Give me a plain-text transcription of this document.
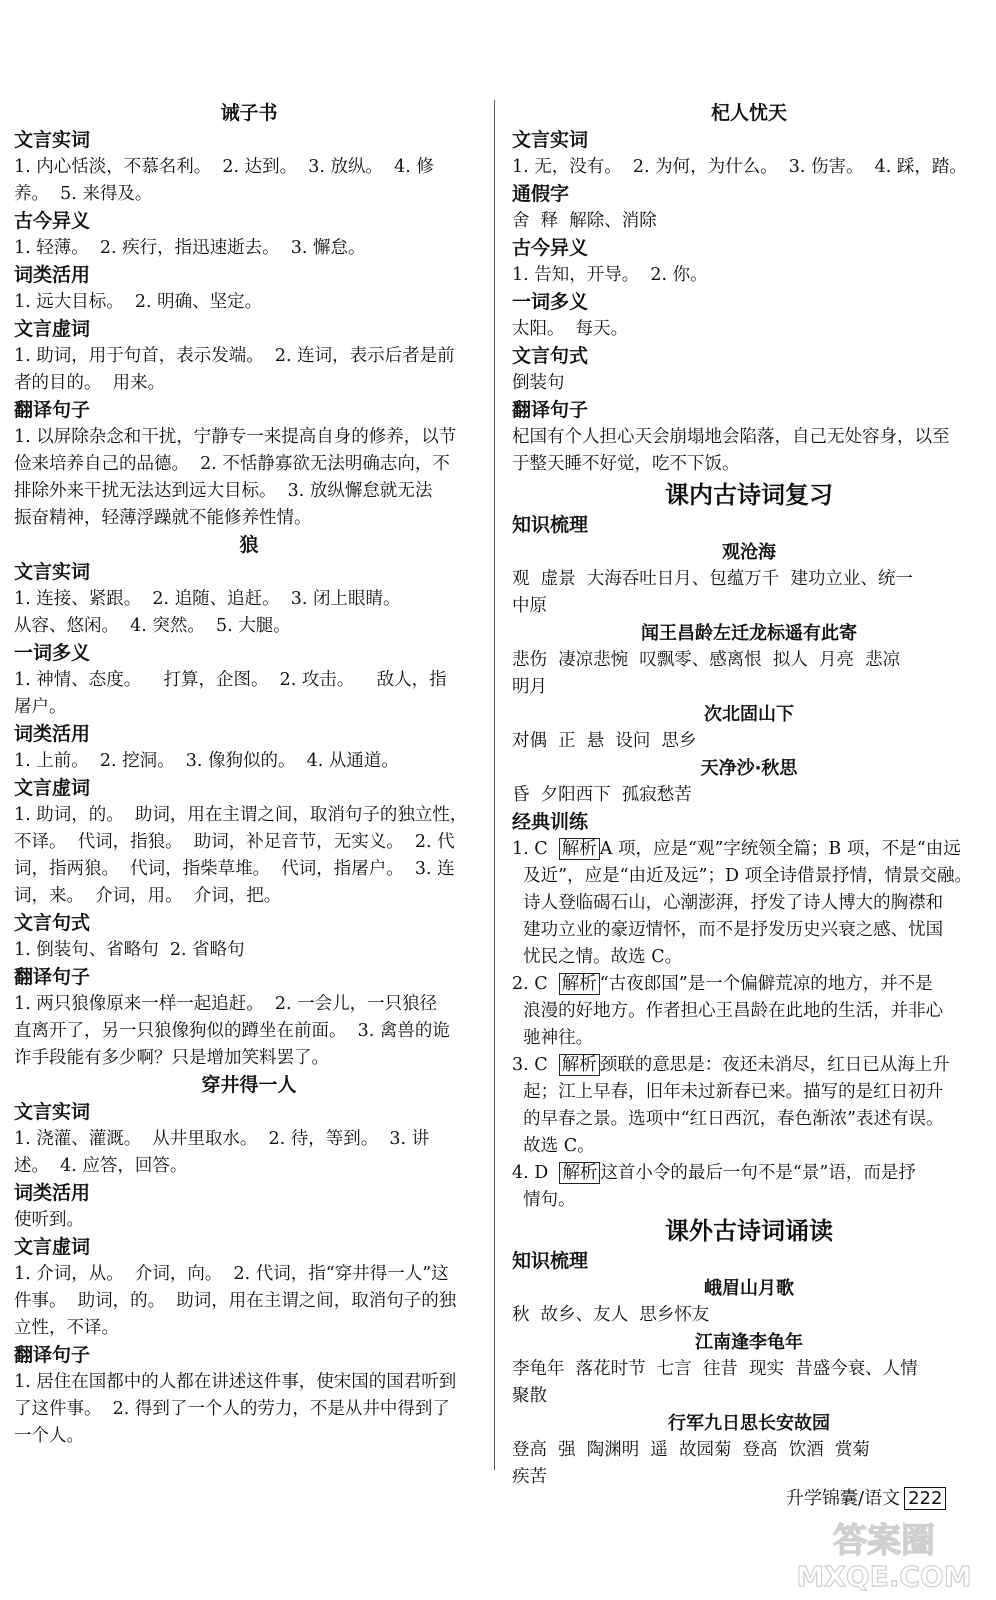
诫子书

文言实词

1. 内心恬淡，不慕名利。  2. 达到。  3. 放纵。  4. 修

养。  5. 来得及。

古今异义

1. 轻薄。  2. 疾行，指迅速逝去。  3. 懈怠。

词类活用

1. 远大目标。  2. 明确、坚定。

文言虚词

1. 助词，用于句首，表示发端。  2. 连词，表示后者是前

者的目的。  用来。

翻译句子

1. 以屏除杂念和干扰，宁静专一来提高自身的修养，以节

俭来培养自己的品德。  2. 不恬静寡欲无法明确志向，不

排除外来干扰无法达到远大目标。  3. 放纵懈怠就无法

振奋精神，轻薄浮躁就不能修养性情。

狼

文言实词

1. 连接、紧跟。  2. 追随、追赶。  3. 闭上眼睛。

从容、悠闲。  4. 突然。  5. 大腿。

一词多义

1. 神情、态度。    打算，企图。  2. 攻击。    敌人，指

屠户。

词类活用

1. 上前。  2. 挖洞。  3. 像狗似的。  4. 从通道。

文言虚词

1. 助词，的。  助词，用在主谓之间，取消句子的独立性，

不译。  代词，指狼。  助词，补足音节，无实义。  2. 代

词，指两狼。  代词，指柴草堆。  代词，指屠户。  3. 连

词，来。  介词，用。  介词，把。

文言句式

1. 倒装句、省略句  2. 省略句

翻译句子

1. 两只狼像原来一样一起追赶。  2. 一会儿，一只狼径

直离开了，另一只狼像狗似的蹲坐在前面。  3. 禽兽的诡

诈手段能有多少啊？只是增加笑料罢了。

穿井得一人

文言实词

1. 浇灌、灌溉。  从井里取水。  2. 待，等到。  3. 讲

述。  4. 应答，回答。

词类活用

使听到。

文言虚词

1. 介词，从。  介词，向。  2. 代词，指“穿井得一人”这

件事。  助词，的。  助词，用在主谓之间，取消句子的独

立性，不译。

翻译句子

1. 居住在国都中的人都在讲述这件事，使宋国的国君听到

了这件事。  2. 得到了一个人的劳力，不是从井中得到了

一个人。

杞人忧天

文言实词

1. 无，没有。  2. 为何，为什么。  3. 伤害。  4. 踩，踏。

通假字

舍  释  解除、消除

古今异义

1. 告知，开导。  2. 你。

一词多义

太阳。  每天。

文言句式

倒装句

翻译句子

杞国有个人担心天会崩塌地会陷落，自己无处容身，以至

于整天睡不好觉，吃不下饭。

课内古诗词复习

知识梳理

观沧海

观  虚景  大海吞吐日月、包蕴万千  建功立业、统一

中原

闻王昌龄左迁龙标遥有此寄

悲伤  凄凉悲惋  叹飘零、感离恨  拟人  月亮  悲凉

明月

次北固山下

对偶  正  悬  设问  思乡

天净沙·秋思

昏  夕阳西下  孤寂愁苦

经典训练

1. C 解析 A 项，应是“观”字统领全篇；B 项，不是“由远

及近”，应是“由近及远”；D 项全诗借景抒情，情景交融。

诗人登临碣石山，心潮澎湃，抒发了诗人博大的胸襟和

建功立业的豪迈情怀，而不是抒发历史兴衰之感、忧国

忧民之情。故选 C。

2. C 解析 “古夜郎国”是一个偏僻荒凉的地方，并不是

浪漫的好地方。作者担心王昌龄在此地的生活，并非心

驰神往。

3. C 解析 颈联的意思是：夜还未消尽，红日已从海上升

起；江上早春，旧年未过新春已来。描写的是红日初升

的早春之景。选项中“红日西沉，春色渐浓”表述有误。

故选 C。

4. D 解析 这首小令的最后一句不是“景”语，而是抒

情句。

课外古诗词诵读

知识梳理

峨眉山月歌

秋  故乡、友人  思乡怀友

江南逢李龟年

李龟年  落花时节  七言  往昔  现实  昔盛今衰、人情

聚散

行军九日思长安故园

登高  强  陶渊明  遥  故园菊  登高  饮酒  赏菊

疾苦

升学锦囊/语文 222
答案圈
MXQE.COM
